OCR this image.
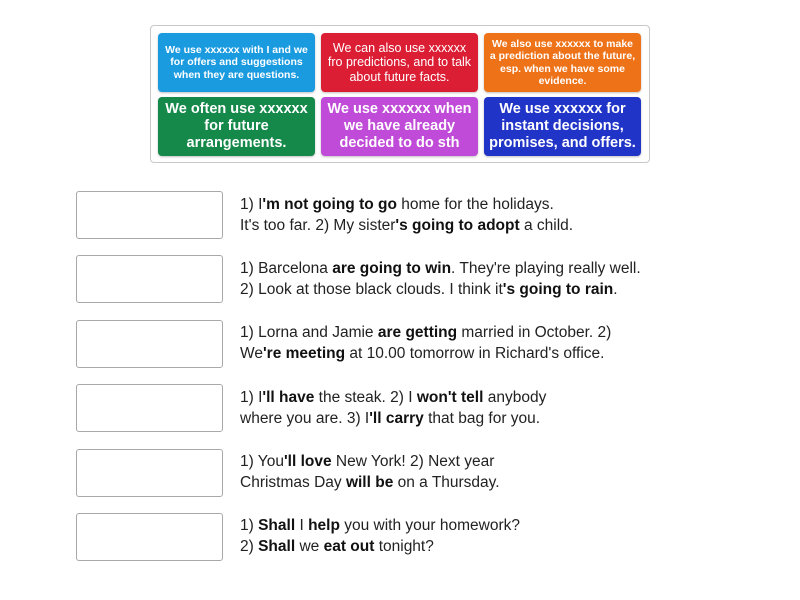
We use xxxxxx with I and we for offers and suggestions when they are questions.
We can also use xxxxxx fro predictions, and to talk about future facts.
We also use xxxxxx to make a prediction about the future, esp. when we have some evidence.
We often use xxxxxx for future arrangements.
We use xxxxxx when we have already decided to do sth
We use xxxxxx for instant decisions, promises, and offers.
1) I'm not going to go home for the holidays.
It's too far. 2) My sister's going to adopt a child.
1) Barcelona are going to win. They're playing really well.
2) Look at those black clouds. I think it's going to rain.
1) Lorna and Jamie are getting married in October. 2)
We're meeting at 10.00 tomorrow in Richard's office.
1) I'll have the steak. 2) I won't tell anybody
where you are. 3) I'll carry that bag for you.
1) You'll love New York! 2) Next year
Christmas Day will be on a Thursday.
1) Shall I help you with your homework?
2) Shall we eat out tonight?
